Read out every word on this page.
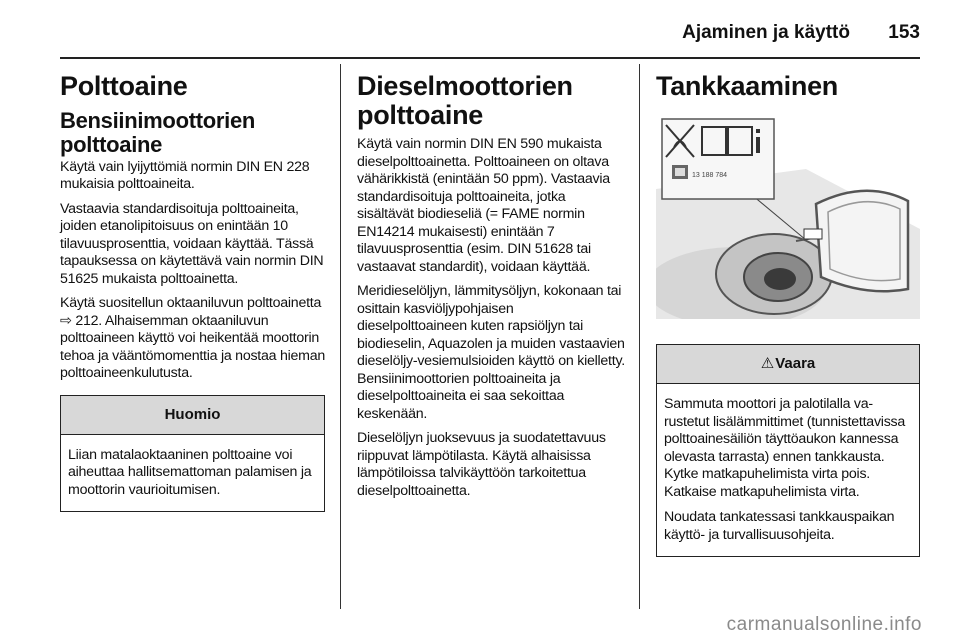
Ajaminen ja käyttö 153
Polttoaine
Bensiinimoottorien polttoaine

Käytä vain lyijyttömiä normin DIN EN 228 mukaisia polttoaineita.

Vastaavia standardisoituja polttoaineita, joiden etanolipitoisuus on enintään 10 tilavuusprosenttia, voidaan käyttää. Tässä tapauksessa on käytettävä vain normin DIN 51625 mukaista polttoainetta.

Käytä suositellun oktaaniluvun polttoainetta ⇨ 212. Alhaisemman oktaaniluvun polttoaineen käyttö voi heikentää moottorin tehoa ja vääntömomenttia ja nostaa hieman polttoaineenkulutusta.

Huomio

Liian matalaoktaaninen polttoaine voi aiheuttaa hallitsemattoman palamisen ja moottorin vaurioitumisen.

Dieselmoottorien polttoaine

Käytä vain normin DIN EN 590 mukaista dieselpolttoainetta. Polttoaineen on oltava vähärikkistä (enintään 50 ppm). Vastaavia standardisoituja polttoaineita, jotka sisältävät biodieseliä (= FAME normin EN14214 mukaisesti) enintään 7 tilavuusprosenttia (esim. DIN 51628 tai vastaavat standardit), voidaan käyttää.

Meridieselöljyn, lämmitysöljyn, kokonaan tai osittain kasviöljypohjaisen dieselpolttoaineen kuten rapsiöljyn tai biodieselin, Aquazolen ja muiden vastaavien dieselöljy-vesiemulsioiden käyttö on kielletty. Bensiinimoottorien polttoaineita ja dieselpolttoaineita ei saa sekoittaa keskenään.

Dieselöljyn juoksevuus ja suodatettavuus riippuvat lämpötilasta. Käytä alhaisissa lämpötiloissa talvikäyttöön tarkoitettua dieselpolttoainetta.

Tankkaaminen
13 188 784
⚠Vaara

Sammuta moottori ja palotilalla varustetut lisälämmittimet (tunnistettavissa polttoainesäiliön täyttöaukon kannessa olevasta tarrasta) ennen tankkausta. Kytke matkapuhelimista virta pois. Katkaise matkapuhelimista virta.

Noudata tankatessasi tankkauspaikan käyttö- ja turvallisuusohjeita.

carmanualsonline.info
